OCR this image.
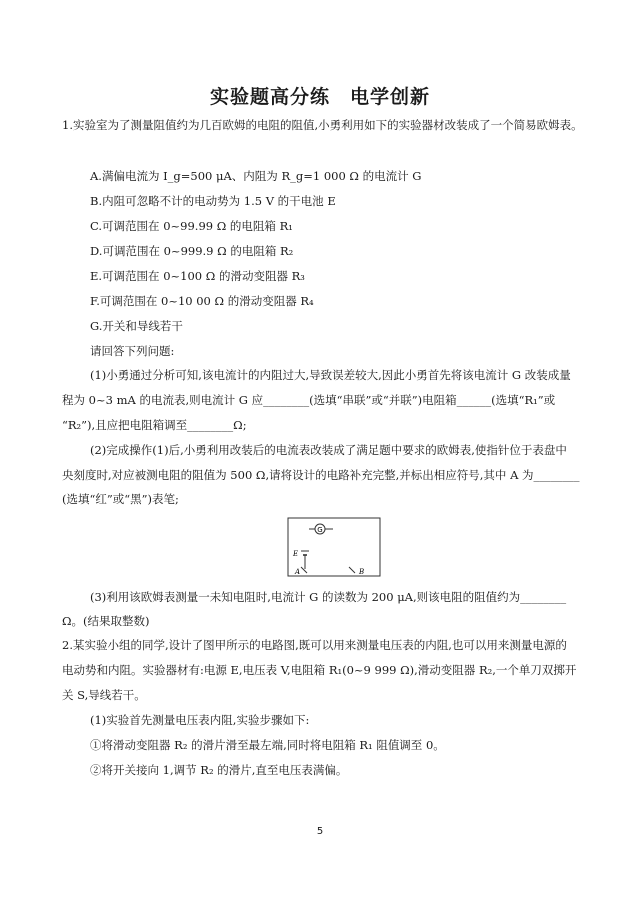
实验题高分练　电学创新
1.实验室为了测量阻值约为几百欧姆的电阻的阻值,小勇利用如下的实验器材改装成了一个简易欧姆表。
A.满偏电流为 I_g=500 μA、内阻为 R_g=1 000 Ω 的电流计 G
B.内阻可忽略不计的电动势为 1.5 V 的干电池 E
C.可调范围在 0~99.99 Ω 的电阻箱 R₁
D.可调范围在 0~999.9 Ω 的电阻箱 R₂
E.可调范围在 0~100 Ω 的滑动变阻器 R₃
F.可调范围在 0~10 00 Ω 的滑动变阻器 R₄
G.开关和导线若干
请回答下列问题:
(1)小勇通过分析可知,该电流计的内阻过大,导致误差较大,因此小勇首先将该电流计 G 改装成量
程为 0~3 mA 的电流表,则电流计 G 应________(选填“串联”或“并联”)电阻箱______(选填“R₁”或
“R₂”),且应把电阻箱调至________Ω;
(2)完成操作(1)后,小勇利用改装后的电流表改装成了满足题中要求的欧姆表,使指针位于表盘中
央刻度时,对应被测电阻的阻值为 500 Ω,请将设计的电路补充完整,并标出相应符号,其中 A 为________
(选填“红”或“黑”)表笔;
G
E
A	B
(3)利用该欧姆表测量一未知电阻时,电流计 G 的读数为 200 μA,则该电阻的阻值约为________
Ω。(结果取整数)
2.某实验小组的同学,设计了图甲所示的电路图,既可以用来测量电压表的内阻,也可以用来测量电源的
电动势和内阻。实验器材有:电源 E,电压表 V,电阻箱 R₁(0~9 999 Ω),滑动变阻器 R₂,一个单刀双掷开
关 S,导线若干。
(1)实验首先测量电压表内阻,实验步骤如下:
①将滑动变阻器 R₂ 的滑片滑至最左端,同时将电阻箱 R₁ 阻值调至 0。
②将开关接向 1,调节 R₂ 的滑片,直至电压表满偏。
5
